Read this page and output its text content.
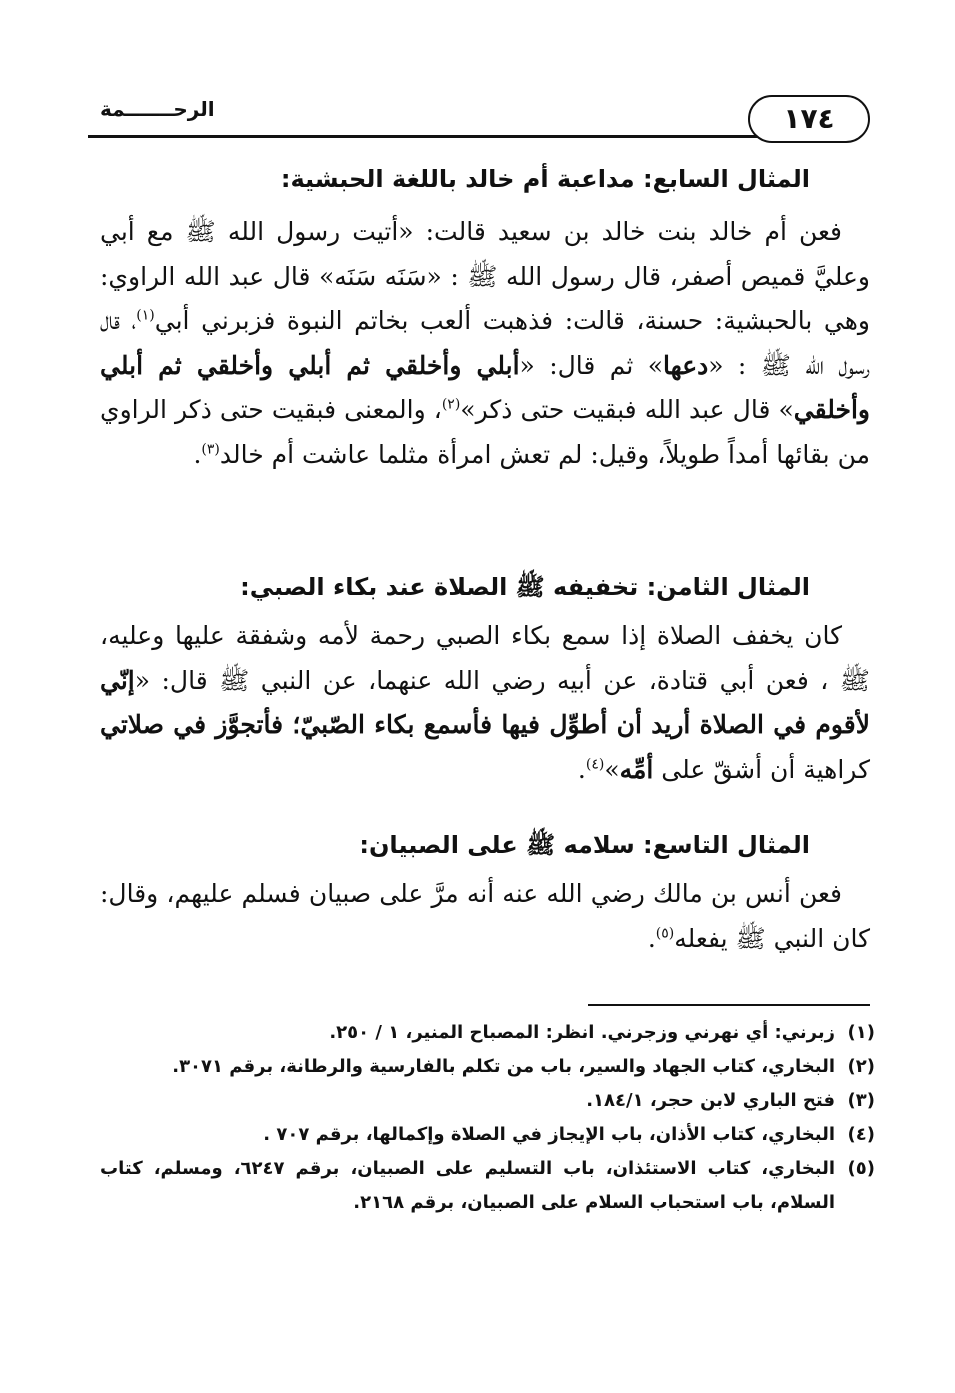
الرحـــــــمة	١٧٤

المثال السابع: مداعبة أم خالد باللغة الحبشية:

فعن أم خالد بنت خالد بن سعيد قالت: «أتيت رسول الله ﷺ مع أبي وعليَّ قميص أصفر، قال رسول الله ﷺ : «سَنَه سَنَه» قال عبد الله الراوي: وهي بالحبشية: حسنة، قالت: فذهبت ألعب بخاتم النبوة فزبرني أبي$^{(١)}$، قال رسول الله ﷺ : «دعها» ثم قال: «أبلي وأخلقي ثم أبلي وأخلقي ثم أبلي وأخلقي» قال عبد الله فبقيت حتى ذكر»$^{(٢)}$، والمعنى فبقيت حتى ذكر الراوي من بقائها أمداً طويلاً، وقيل: لم تعش امرأة مثلما عاشت أم خالد$^{(٣)}$.

المثال الثامن: تخفيفه ﷺ الصلاة عند بكاء الصبي:

كان يخفف الصلاة إذا سمع بكاء الصبي رحمة لأمه وشفقة عليها وعليه، ﷺ ، فعن أبي قتادة، عن أبيه رضي الله عنهما، عن النبي ﷺ قال: «إنّي لأقوم في الصلاة أريد أن أطوِّل فيها فأسمع بكاء الصّبيّ؛ فأتجوَّز في صلاتي كراهية أن أشقّ على أمِّه»$^{(٤)}$.

المثال التاسع: سلامه ﷺ على الصبيان:

فعن أنس بن مالك رضي الله عنه أنه مرَّ على صبيان فسلم عليهم، وقال: كان النبي ﷺ يفعله$^{(٥)}$.

(١)
زبرني: أي نهرني وزجرني. انظر: المصباح المنير، ١ / ٢٥٠.

(٢)
البخاري، كتاب الجهاد والسير، باب من تكلم بالفارسية والرطانة، برقم ٣٠٧١.

(٣)
فتح الباري لابن حجر، ١٨٤/١.

(٤)
البخاري، كتاب الأذان، باب الإيجاز في الصلاة وإكمالها، برقم ٧٠٧ .

(٥)
البخاري، كتاب الاستئذان، باب التسليم على الصبيان، برقم ٦٢٤٧، ومسلم، كتاب السلام، باب استحباب السلام على الصبيان، برقم ٢١٦٨.
